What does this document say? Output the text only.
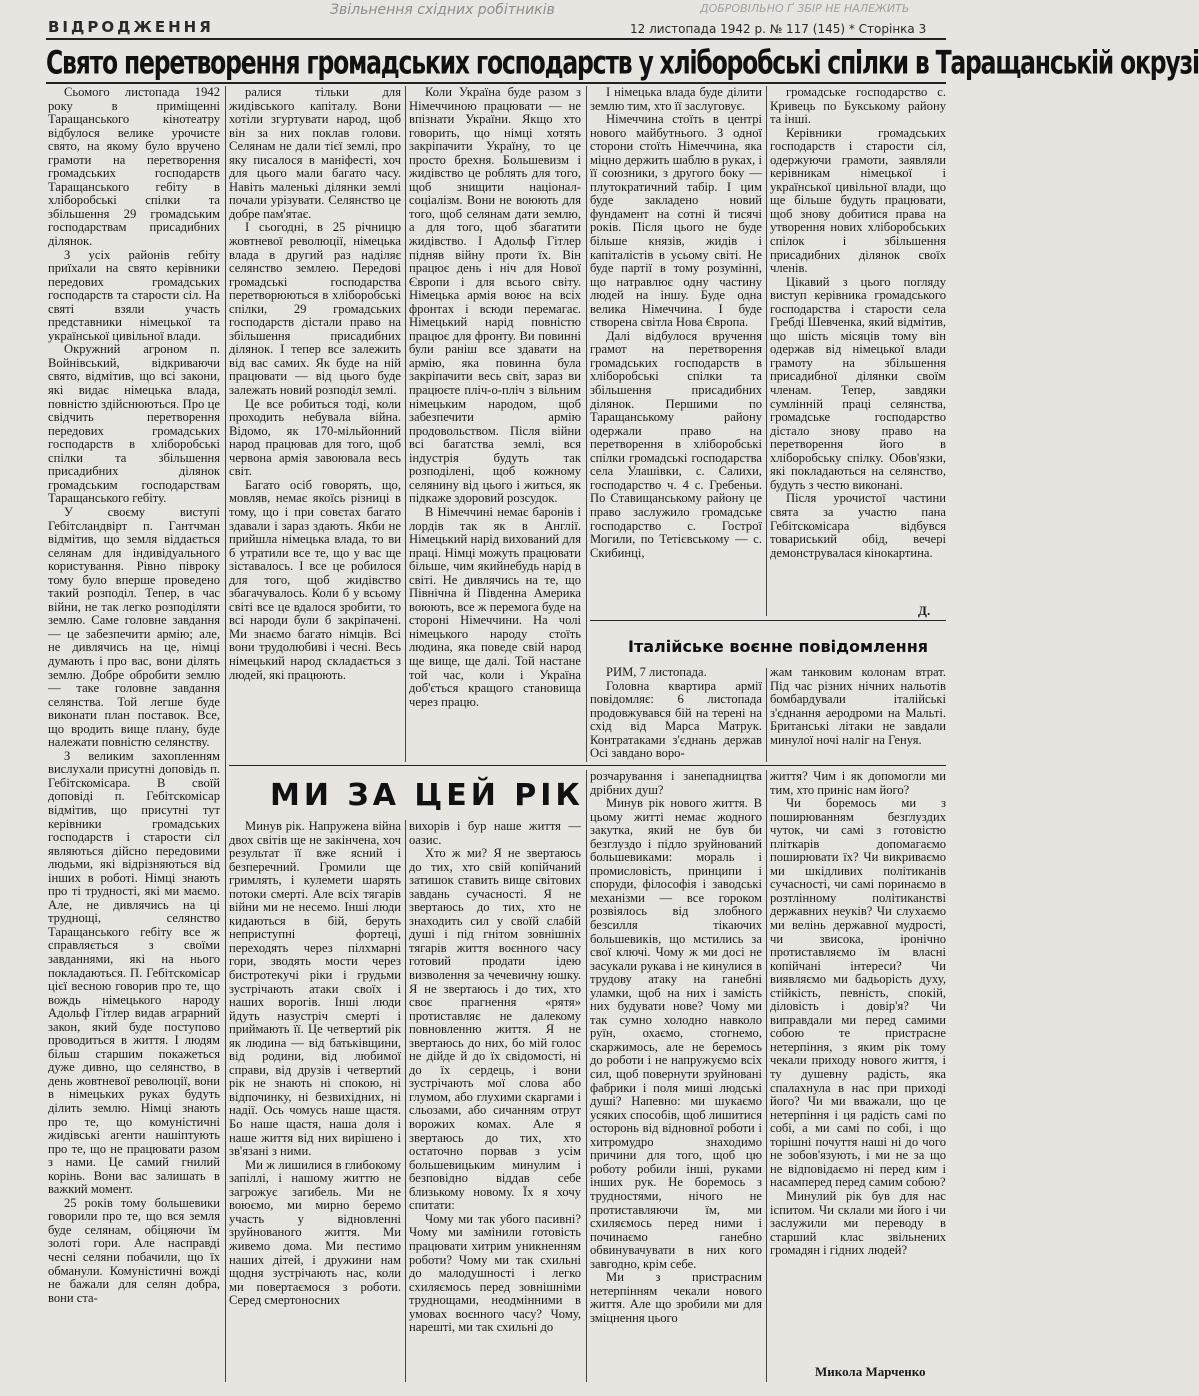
Звільнення східних робітників	ДОБРОВІЛЬНО Ґ ЗБІР НЕ НАЛЕЖИТЬ
ВІДРОДЖЕННЯ	12 листопада 1942 р. № 117 (145) * Сторінка 3
Свято перетворення громадських господарств у хліборобські спілки в Таращанській окрузі

Сьомого листопада 1942 року в приміщенні Таращанського кінотеатру відбулося велике урочисте свято, на якому було вручено грамоти на перетворення громадських господарств Таращанського гебіту в хліборобські спілки та збільшення 29 громадським господарствам присадибних ділянок.

З усіх районів гебіту приїхали на свято керівники передових громадських господарств та старости сіл. На святі взяли участь представники німецької та української цивільної влади.

Окружний агроном п. Войнівський, відкриваючи свято, відмітив, що всі закони, які видає німецька влада, повністю здійснюються. Про це свідчить перетворення передових громадських господарств в хліборобські спілки та збільшення присадибних ділянок громадським господарствам Таращанського гебіту.

У своєму виступі Гебітсландвірт п. Гантчман відмітив, що земля віддається селянам для індивідуального користування. Рівно півроку тому було вперше проведено такий розподіл. Тепер, в час війни, не так легко розподіляти землю. Саме головне завдання — це забезпечити армію; але, не дивлячись на це, німці думають і про вас, вони ділять землю. Добре обробити землю — таке головне завдання селянства. Той легше буде виконати план поставок. Все, що вродить вище плану, буде належати повністю селянству.

З великим захопленням вислухали присутні доповідь п. Гебітскомісара. В своїй доповіді п. Гебітскомісар відмітив, що присутні тут керівники громадських господарств і старости сіл являються дійсно передовими людьми, які відрізняються від інших в роботі. Німці знають про ті трудності, які ми маємо. Але, не дивлячись на ці труднощі, селянство Таращанського гебіту все ж справляється з своїми завданнями, які на нього покладаються. П. Гебітскомісар цієї весною говорив про те, що вождь німецького народу Адольф Гітлер видав аграрний закон, який буде поступово проводиться в життя. І людям більш старшим покажеться дуже дивно, що селянство, в день жовтневої революції, вони в німецьких руках будуть ділить землю. Німці знають про те, що комуністичні жидівські агенти нашіптують про те, що не працювати разом з нами. Це самий гнилий корінь. Вони вас залишать в важкий момент.

25 років тому большевики говорили про те, що вся земля буде селянам, обіцяючи їм золоті гори. Але насправді чесні селяни побачили, що їх обманули. Комуністичні вожді не бажали для селян добра, вони ста-

ралися тільки для жидівського капіталу. Вони хотіли згуртувати народ, щоб він за них поклав голови. Селянам не дали тієї землі, про яку писалося в маніфесті, хоч для цього мали багато часу. Навіть маленькі ділянки землі почали урізувати. Селянство це добре пам'ятає.

І сьогодні, в 25 річницю жовтневої революції, німецька влада в другий раз наділяє селянство землею. Передові громадські господарства перетворюються в хліборобські спілки, 29 громадських господарств дістали право на збільшення присадибних ділянок. І тепер все залежить від вас самих. Як буде на ній працювати — від цього буде залежать новий розподіл землі.

Це все робиться тоді, коли проходить небувала війна. Відомо, як 170-мільйонний народ працював для того, щоб червона армія завоювала весь світ.

Багато осіб говорять, що, мовляв, немає якоїсь різниці в тому, що і при совєтах багато здавали і зараз здають. Якби не прийшла німецька влада, то ви б утратили все те, що у вас ще зіставалось. І все це робилося для того, щоб жидівство збагачувалось. Коли б у всьому світі все це вдалося зробити, то всі народи були б закріпачені. Ми знаємо багато німців. Всі вони трудолюбиві і чесні. Весь німецький народ складається з людей, які працюють.

Коли Україна буде разом з Німеччиною працювати — не впізнати України. Якщо хто говорить, що німці хотять закріпачити Україну, то це просто брехня. Большевизм і жидівство це роблять для того, щоб знищити націонал-соціалізм. Вони не воюють для того, щоб селянам дати землю, а для того, щоб збагатити жидівство. І Адольф Гітлер підняв війну проти їх. Він працює день і ніч для Нової Європи і для всього світу. Німецька армія воює на всіх фронтах і всюди перемагає. Німецький нарід повністю працює для фронту. Ви повинні були раніш все здавати на армію, яка повинна була закріпачити весь світ, зараз ви працюєте пліч-о-пліч з вільним німецьким народом, щоб забезпечити армію продовольством. Після війни всі багатства землі, вся індустрія будуть так розподілені, щоб кожному селянину від цього і житься, як підкаже здоровий розсудок.

В Німеччині немає баронів і лордів так як в Англії. Німецький нарід вихований для праці. Німці можуть працювати більше, чим якийнебудь нарід в світі. Не дивлячись на те, що Північна й Південна Америка воюють, все ж перемога буде на стороні Німеччини. На чолі німецького народу стоїть людина, яка поведе свій народ ще вище, ще далі. Той настане той час, коли і Україна доб'ється кращого становища через працю.

І німецька влада буде ділити землю тим, хто її заслуговує.

Німеччина стоїть в центрі нового майбутнього. З одної сторони стоїть Німеччина, яка міцно держить шаблю в руках, і її союзники, з другого боку — плутократичний табір. І цим буде закладено новий фундамент на сотні й тисячі років. Після цього не буде більше князів, жидів і капіталістів в усьому світі. Не буде партії в тому розумінні, що натравлює одну частину людей на іншу. Буде одна велика Німеччина. І буде створена світла Нова Європа.

Далі відбулося вручення грамот на перетворення громадських господарств в хліборобські спілки та збільшення присадибних ділянок. Першими по Таращанському району одержали право на перетворення в хліборобські спілки громадські господарства села Улашівки, с. Салихи, господарство ч. 4 с. Гребеньи. По Ставищанському району це право заслужило громадське господарство с. Гострої Могили, по Тетієвському — с. Скибинці,

громадське господарство с. Кривець по Букському району та інші.

Керівники громадських господарств і старости сіл, одержуючи грамоти, заявляли керівникам німецької і української цивільної влади, що ще більше будуть працювати, щоб знову добитися права на утворення нових хліборобських спілок і збільшення присадибних ділянок своїх членів.

Цікавий з цього погляду виступ керівника громадського господарства і старости села Гребді Шевченка, який відмітив, що шість місяців тому він одержав від німецької влади грамоту на збільшення присадибної ділянки своїм членам. Тепер, завдяки сумлінній праці селянства, громадське господарство дістало знову право на перетворення його в хліборобську спілку. Обов'язки, які покладаються на селянство, будуть з честю виконані.

Після урочистої частини свята за участю пана Гебітскомісара відбувся товариський обід, вечері демонструвалася кінокартина.

Д.
Італійське воєнне повідомлення

РИМ, 7 листопада.

Головна квартира армії повідомляє: 6 листопада продовжувався бій на терені на схід від Марса Матрук. Контратаками з'єднань держав Осі завдано воро-

жам танковим колонам втрат. Під час різних нічних нальотів бомбардували італійські з'єднання аеродроми на Мальті. Британські літаки не завдали минулої ночі наліг на Генуя.

МИ ЗА ЦЕЙ РІК

Минув рік. Напружена війна двох світів ще не закінчена, хоч результат її вже ясний і безперечний. Громили ще гримлять, і кулемети шарять потоки смерті. Але всіх тягарів війни ми не несемо. Інші люди кидаються в бій, беруть неприступні фортеці, переходять через пілхмарні гори, зводять мости через бистротекучі ріки і грудьми зустрічають атаки своїх і наших ворогів. Інші люди йдуть назустріч смерті і приймають її. Це четвертий рік як людина — від батьківщини, від родини, від любимої справи, від друзів і четвертий рік не знають ні спокою, ні відпочинку, ні безвихідних, ні надії. Ось чомусь наше щастя. Бо наше щастя, наша доля і наше життя від них вирішено і зв'язані з ними.

Ми ж лишилися в глибокому запіллі, і нашому життю не загрожує загибель. Ми не воюємо, ми мирно беремо участь у відновленні зруйнованого життя. Ми живемо дома. Ми пестимо наших дітей, і дружини нам щодня зустрічають нас, коли ми повертаємося з роботи. Серед смертоносних

вихорів і бур наше життя — оазис.

Хто ж ми? Я не звертаюсь до тих, хто свій копійчаний затишок ставить вище світових завдань сучасності. Я не звертаюсь до тих, хто не знаходить сил у своїй слабій душі і під гнітом зовнішніх тягарів життя воєнного часу готовий продати ідею визволення за чечевичну юшку. Я не звертаюсь і до тих, хто своє прагнення «рятя» протиставляє не далекому повновленню життя. Я не звертаюсь до них, бо мій голос не дійде й до їх свідомості, ні до їх сердець, і вони зустрічають мої слова або глумом, або глухими скаргами і сльозами, або сичанням отрут ворожих комах. Але я звертаюсь до тих, хто остаточно порвав з усім большевицьким минулим і безповідно віддав себе близькому новому. Їх я хочу спитати:

Чому ми так убого пасивні? Чому ми замінили готовість працювати хитрим уникненням роботи? Чому ми так схильні до малодушності і легко схиляємось перед зовнішніми труднощами, неодмінними в умовах воєнного часу? Чому, нарешті, ми так схильні до

розчарування і занепадництва дрібних душ?

Минув рік нового життя. В цьому житті немає жодного закутка, який не був би безглуздо і підло зруйнований большевиками: мораль і промисловість, принципи і споруди, філософія і заводські механізми — все гороком розвіялось від злобного безсилля тікаючих большевиків, що мстились за свої ключі. Чому ж ми досі не засукали рукава і не кинулися в трудову атаку на ганебні уламки, щоб на них і замість них будувати нове? Чому ми так сумно холодно навколо руїн, охаємо, стогнемо, скаржимось, але не беремось до роботи і не напружуємо всіх сил, щоб повернути зруйновані фабрики і поля миші людські душі? Напевно: ми шукаємо усяких способів, щоб лишитися осторонь від відновної роботи і хитромудро знаходимо причини для того, щоб цю роботу робили інші, руками інших рук. Не боремось з трудностями, нічого не протиставляючи їм, ми схиляємось перед ними і починаємо ганебно обвинувачувати в них кого завгодно, крім себе.

Ми з пристрасним нетерпінням чекали нового життя. Але що зробили ми для зміцнення цього

життя? Чим і як допомогли ми тим, хто приніс нам його?

Чи боремось ми з поширюванням безглуздих чуток, чи самі з готовістю пліткарів допомагаємо поширювати їх? Чи викриваємо ми шкідливих політиканів сучасності, чи самі поринаємо в розтлінному політиканстві державних неуків? Чи слухаємо ми велінь державної мудрості, чи звисока, іронічно протиставляємо їм власні копійчані інтереси? Чи виявляємо ми бадьорість духу, стійкість, певність, спокій, діловість і довір'я? Чи виправдали ми перед самими собою те пристрасне нетерпіння, з яким рік тому чекали приходу нового життя, і ту душевну радість, яка спалахнула в нас при приході його? Чи ми вважали, що це нетерпіння і ця радість самі по собі, а ми самі по собі, і що торішні почуття наші ні до чого не зобов'язують, і ми не за що не відповідаємо ні перед ким і насамперед перед самим собою?

Минулий рік був для нас іспитом. Чи склали ми його і чи заслужили ми переводу в старший клас звільнених громадян і гідних людей?

Микола Марченко
